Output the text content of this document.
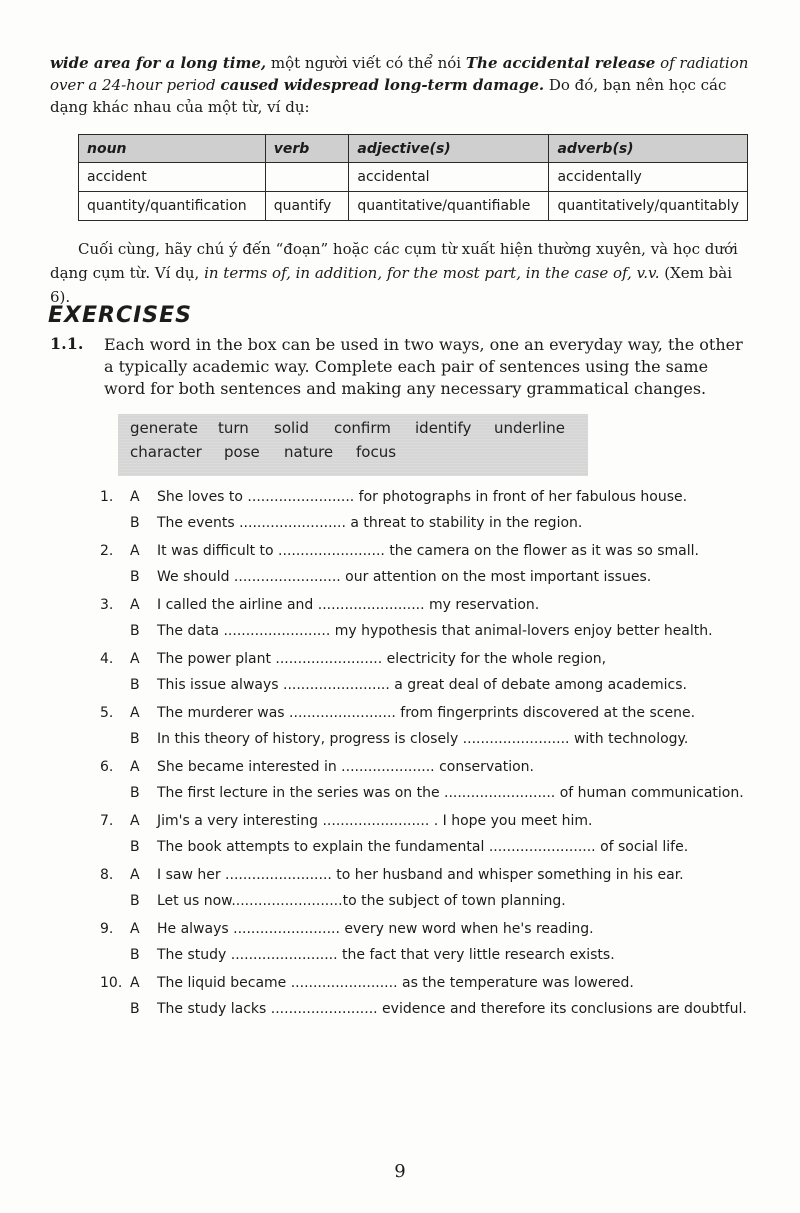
wide area for a long time, một người viết có thể nói The accidental release of radiation over a 24-hour period caused widespread long-term damage. Do đó, bạn nên học các dạng khác nhau của một từ, ví dụ:

noun	verb	adjective(s)	adverb(s)
accident		accidental	accidentally
quantity/quantification	quantify	quantitative/quantifiable	quantitatively/quantitably

Cuối cùng, hãy chú ý đến “đoạn” hoặc các cụm từ xuất hiện thường xuyên, và học dưới dạng cụm từ. Ví dụ, in terms of, in addition, for the most part, in the case of, v.v. (Xem bài 6).

EXERCISES
1.1. Each word in the box can be used in two ways, one an everyday way, the other a typically academic way. Complete each pair of sentences using the same word for both sentences and making any necessary grammatical changes.

generate turn solid confirm identify underline
character pose nature focus
1.	A	She loves to ........................ for photographs in front of her fabulous house.
B	The events ........................ a threat to stability in the region.
2.	A	It was difficult to ........................ the camera on the flower as it was so small.
B	We should ........................ our attention on the most important issues.
3.	A	I called the airline and ........................ my reservation.
B	The data ........................ my hypothesis that animal-lovers enjoy better health.
4.	A	The power plant ........................ electricity for the whole region,
B	This issue always ........................ a great deal of debate among academics.
5.	A	The murderer was ........................ from fingerprints discovered at the scene.
B	In this theory of history, progress is closely ........................ with technology.
6.	A	She became interested in ..................... conservation.
B	The first lecture in the series was on the ......................... of human communication.
7.	A	Jim's a very interesting ........................ . I hope you meet him.
B	The book attempts to explain the fundamental ........................ of social life.
8.	A	I saw her ........................ to her husband and whisper something in his ear.
B	Let us now.........................to the subject of town planning.
9.	A	He always ........................ every new word when he's reading.
B	The study ........................ the fact that very little research exists.
10. A	The liquid became ........................ as the temperature was lowered.
B	The study lacks ........................ evidence and therefore its conclusions are doubtful.
9
